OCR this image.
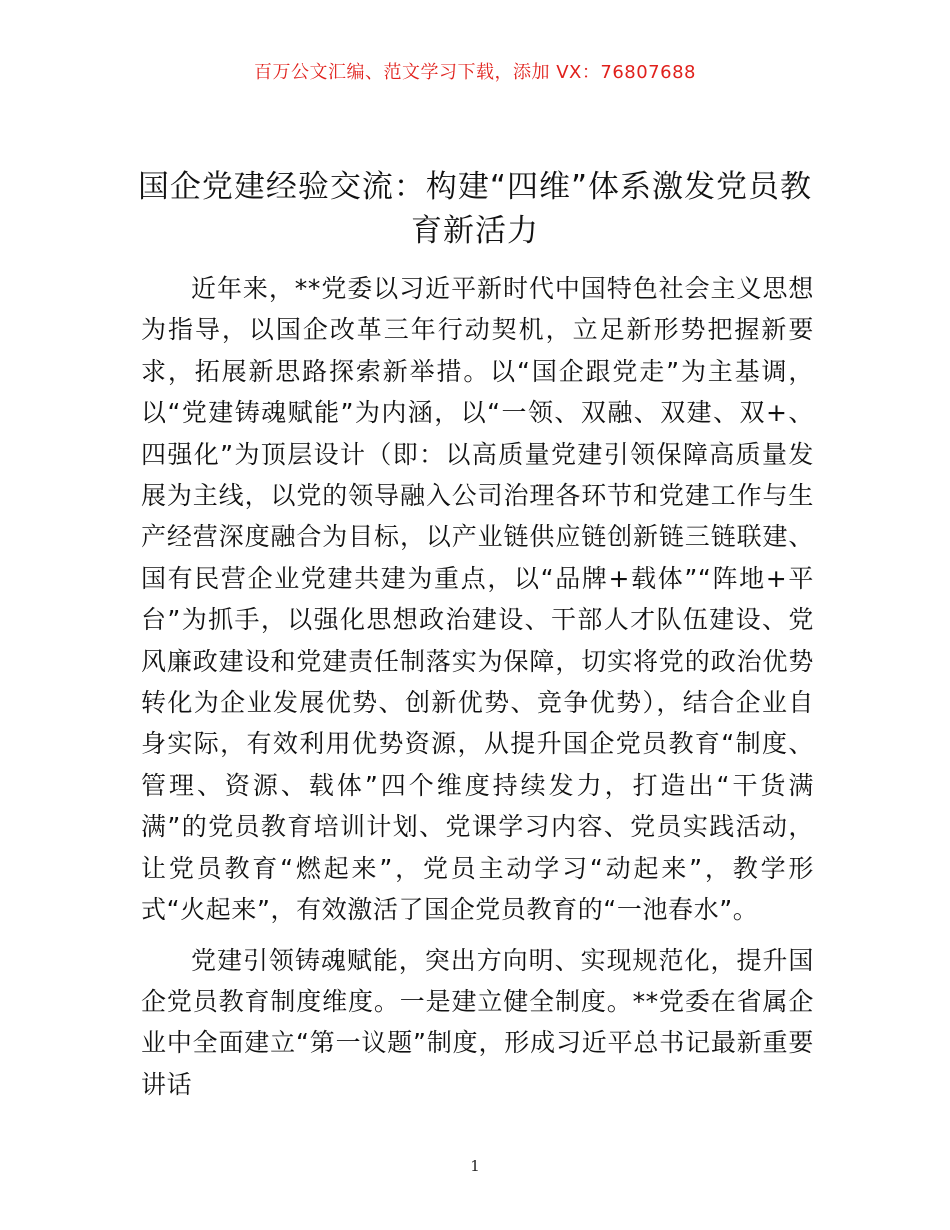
百万公文汇编、范文学习下载，添加 VX：76807688
国企党建经验交流：构建“四维”体系激发党员教育新活力

近年来，**党委以习近平新时代中国特色社会主义思想为指导，以国企改革三年行动契机，立足新形势把握新要求，拓展新思路探索新举措。以“国企跟党走”为主基调，以“党建铸魂赋能”为内涵，以“一领、双融、双建、双+、四强化”为顶层设计（即：以高质量党建引领保障高质量发展为主线，以党的领导融入公司治理各环节和党建工作与生产经营深度融合为目标，以产业链供应链创新链三链联建、国有民营企业党建共建为重点，以“品牌+载体”“阵地+平台”为抓手，以强化思想政治建设、干部人才队伍建设、党风廉政建设和党建责任制落实为保障，切实将党的政治优势转化为企业发展优势、创新优势、竞争优势），结合企业自身实际，有效利用优势资源，从提升国企党员教育“制度、管理、资源、载体”四个维度持续发力，打造出“干货满满”的党员教育培训计划、党课学习内容、党员实践活动，让党员教育“燃起来”，党员主动学习“动起来”，教学形式“火起来”，有效激活了国企党员教育的“一池春水”。

党建引领铸魂赋能，突出方向明、实现规范化，提升国企党员教育制度维度。一是建立健全制度。**党委在省属企业中全面建立“第一议题”制度，形成习近平总书记最新重要讲话

1
